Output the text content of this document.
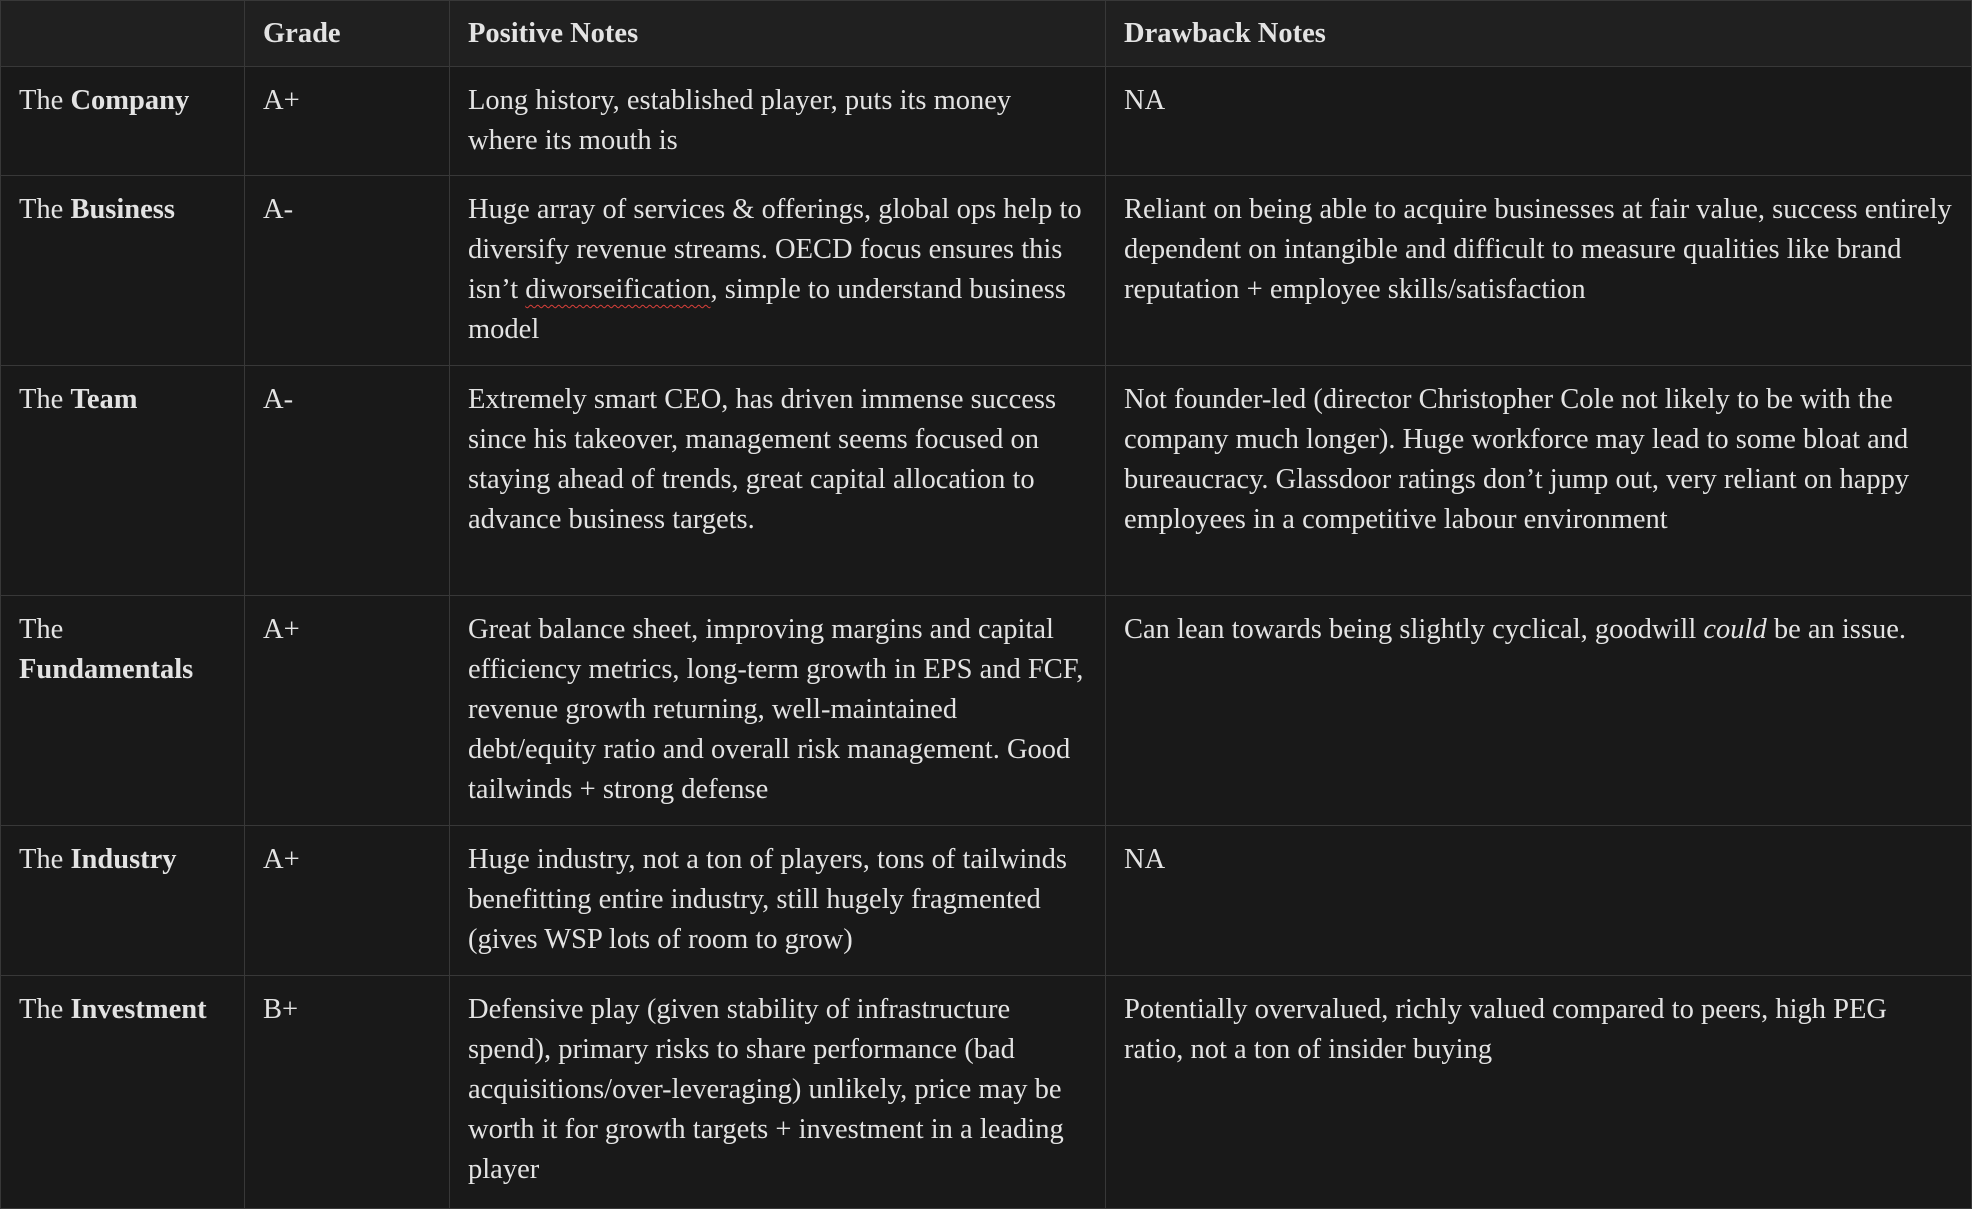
	Grade	Positive Notes	Drawback Notes
The Company	A+	Long history, established player, puts its money where its mouth is	NA
The Business	A-	Huge array of services & offerings, global ops help to diversify revenue streams. OECD focus ensures this isn’t diworseification, simple to understand business model	Reliant on being able to acquire businesses at fair value, success entirely dependent on intangible and difficult to measure qualities like brand reputation + employee skills/satisfaction
The Team	A-	Extremely smart CEO, has driven immense success since his takeover, management seems focused on staying ahead of trends, great capital allocation to advance business targets.	Not founder-led (director Christopher Cole not likely to be with the company much longer). Huge workforce may lead to some bloat and bureaucracy. Glassdoor ratings don’t jump out, very reliant on happy employees in a competitive labour environment
The Fundamentals	A+	Great balance sheet, improving margins and capital efficiency metrics, long-term growth in EPS and FCF, revenue growth returning, well-maintained debt/equity ratio and overall risk management. Good tailwinds + strong defense	Can lean towards being slightly cyclical, goodwill could be an issue.
The Industry	A+	Huge industry, not a ton of players, tons of tailwinds benefitting entire industry, still hugely fragmented (gives WSP lots of room to grow)	NA
The Investment	B+	Defensive play (given stability of infrastructure spend), primary risks to share performance (bad acquisitions/over-leveraging) unlikely, price may be worth it for growth targets + investment in a leading player	Potentially overvalued, richly valued compared to peers, high PEG ratio, not a ton of insider buying
